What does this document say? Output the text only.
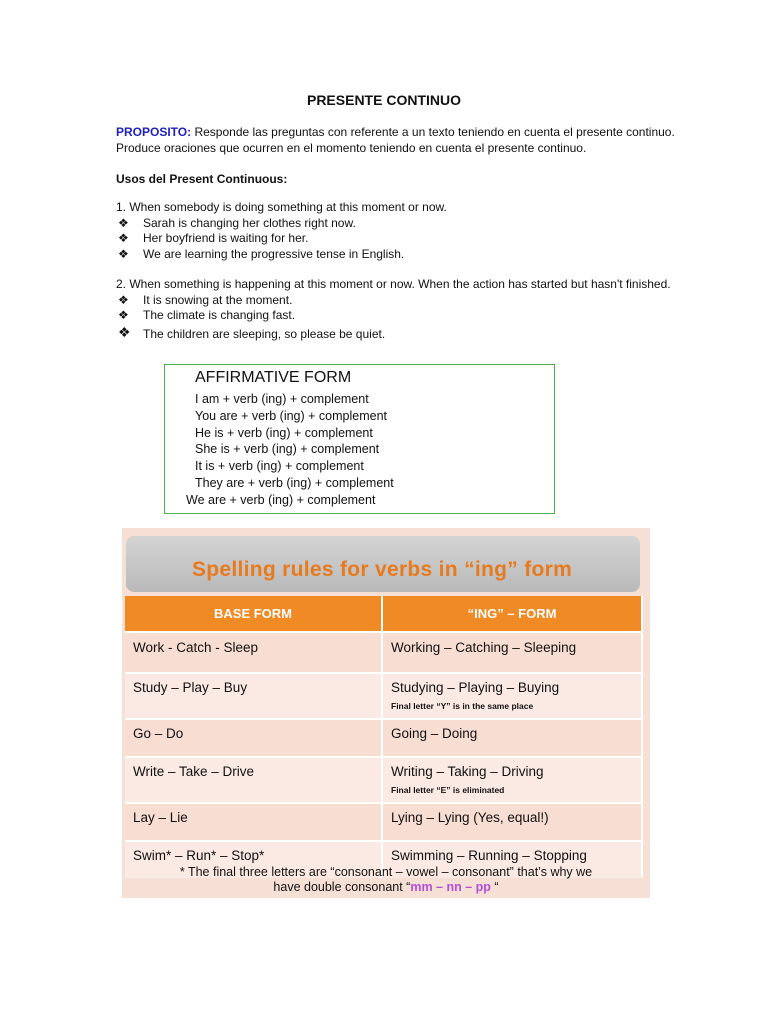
PRESENTE CONTINUO
PROPOSITO: Responde las preguntas con referente a un texto teniendo en cuenta el presente continuo. Produce oraciones que ocurren en el momento teniendo en cuenta el presente continuo.
Usos del Present Continuous:
1. When somebody is doing something at this moment or now.
❖ Sarah is changing her clothes right now.
❖ Her boyfriend is waiting for her.
❖ We are learning the progressive tense in English.
2. When something is happening at this moment or now. When the action has started but hasn't finished.
❖ It is snowing at the moment.
❖ The climate is changing fast.
❖ The children are sleeping, so please be quiet.
AFFIRMATIVE FORM
I am + verb (ing) + complement
You are + verb (ing) + complement
He is + verb (ing) + complement
She is + verb (ing) + complement
It is + verb (ing) + complement
They are + verb (ing) + complement
We are + verb (ing) + complement
Spelling rules for verbs in “ing” form
BASE FORM	“ING” – FORM
Work - Catch - Sleep	Working – Catching – Sleeping
Study – Play – Buy	Studying – Playing – Buying
Final letter “Y” is in the same place

Go – Do	Going – Doing
Write – Take – Drive	Writing – Taking – Driving
Final letter “E” is eliminated

Lay – Lie	Lying – Lying (Yes, equal!)
Swim* – Run* – Stop*	Swimming – Running – Stopping
* The final three letters are “consonant – vowel – consonant” that’s why we
have double consonant “mm – nn – pp “
